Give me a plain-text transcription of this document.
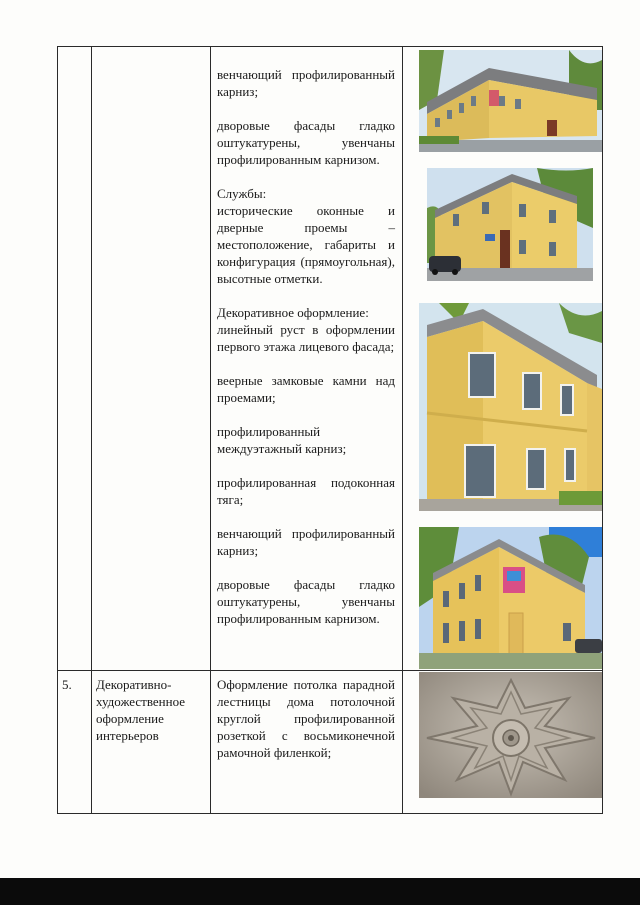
венчающий профилированный карниз;

дворовые фасады гладко оштукатурены, увенчаны профилированным карнизом.

Службы:

исторические оконные и дверные проемы – местоположение, габариты и конфигурация (прямоугольная), высотные отметки.

Декоративное оформление:

линейный руст в оформлении первого этажа лицевого фасада;

веерные замковые камни над проемами;

профилированный междуэтажный карниз;

профилированная подоконная тяга;

венчающий профилированный карниз;

дворовые фасады гладко оштукатурены, увенчаны профилированным карнизом.

5.	Декоративно-
художественное
оформление
интерьеров

Оформление потолка парадной лестницы дома потолочной круглой профилированной розеткой с восьмиконечной рамочной филенкой;
